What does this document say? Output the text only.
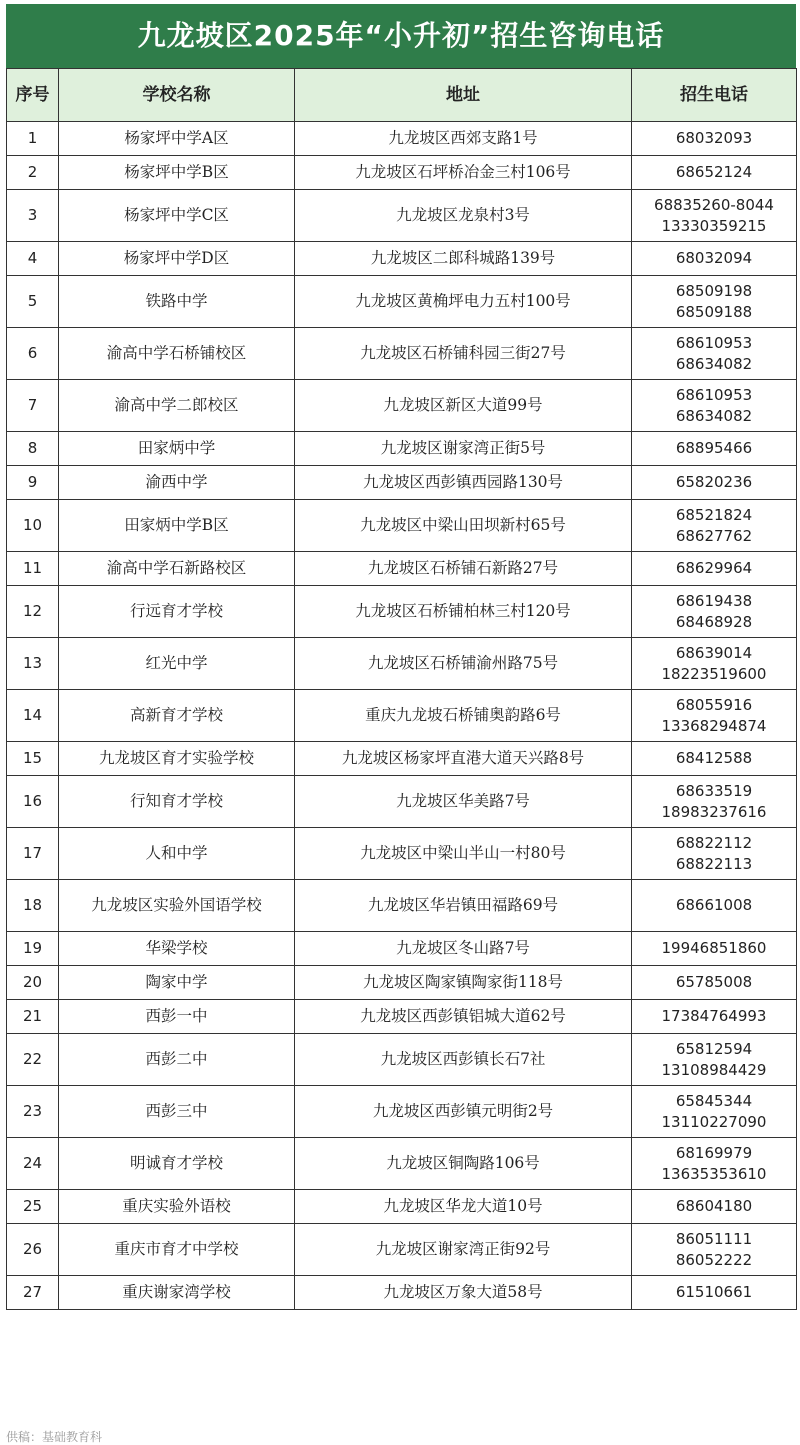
九龙坡区2025年“小升初”招生咨询电话
序号	学校名称	地址	招生电话
1	杨家坪中学A区	九龙坡区西郊支路1号	68032093

2	杨家坪中学B区	九龙坡区石坪桥冶金三村106号	68652124

3	杨家坪中学C区	九龙坡区龙泉村3号	68835260-8044
13330359215

4	杨家坪中学D区	九龙坡区二郎科城路139号	68032094

5	铁路中学	九龙坡区黄桷坪电力五村100号	68509198
68509188

6	渝高中学石桥铺校区	九龙坡区石桥铺科园三街27号	68610953
68634082

7	渝高中学二郎校区	九龙坡区新区大道99号	68610953
68634082

8	田家炳中学	九龙坡区谢家湾正街5号	68895466

9	渝西中学	九龙坡区西彭镇西园路130号	65820236

10	田家炳中学B区	九龙坡区中梁山田坝新村65号	68521824
68627762

11	渝高中学石新路校区	九龙坡区石桥铺石新路27号	68629964

12	行远育才学校	九龙坡区石桥铺柏林三村120号	68619438
68468928

13	红光中学	九龙坡区石桥铺渝州路75号	68639014
18223519600

14	高新育才学校	重庆九龙坡石桥铺奥韵路6号	68055916
13368294874

15	九龙坡区育才实验学校	九龙坡区杨家坪直港大道天兴路8号	68412588

16	行知育才学校	九龙坡区华美路7号	68633519
18983237616

17	人和中学	九龙坡区中梁山半山一村80号	68822112
68822113

18	九龙坡区实验外国语学校	九龙坡区华岩镇田福路69号	68661008

19	华梁学校	九龙坡区冬山路7号	19946851860

20	陶家中学	九龙坡区陶家镇陶家街118号	65785008

21	西彭一中	九龙坡区西彭镇铝城大道62号	17384764993

22	西彭二中	九龙坡区西彭镇长石7社	65812594
13108984429

23	西彭三中	九龙坡区西彭镇元明街2号	65845344
13110227090

24	明诚育才学校	九龙坡区铜陶路106号	68169979
13635353610

25	重庆实验外语校	九龙坡区华龙大道10号	68604180

26	重庆市育才中学校	九龙坡区谢家湾正街92号	86051111
86052222

27	重庆谢家湾学校	九龙坡区万象大道58号	61510661
供稿：基础教育科
